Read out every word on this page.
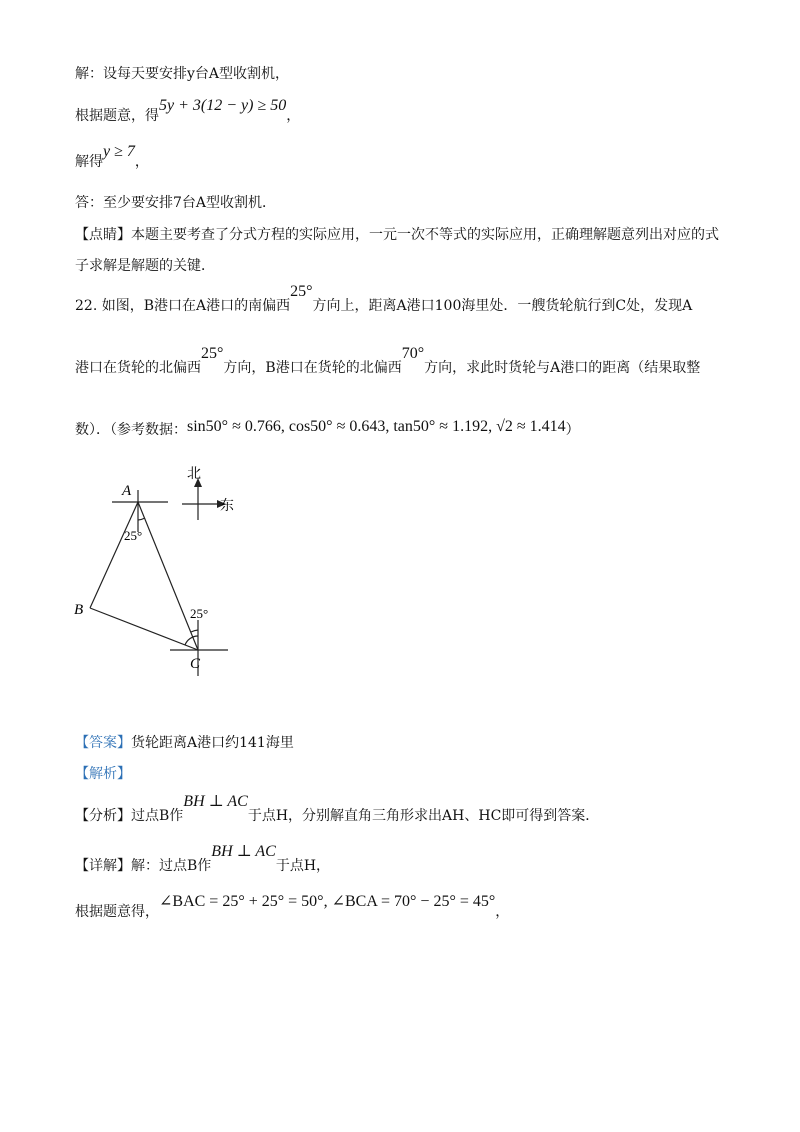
解：设每天要安排y台A型收割机，
根据题意，得5y + 3(12 − y) ≥ 50，
解得y ≥ 7，
答：至少要安排7台A型收割机．
【点睛】本题主要考查了分式方程的实际应用，一元一次不等式的实际应用，正确理解题意列出对应的式
子求解是解题的关键．
22. 如图，B港口在A港口的南偏西25°方向上，距离A港口100海里处．一艘货轮航行到C处，发现A
港口在货轮的北偏西25°方向，B港口在货轮的北偏西70°方向，求此时货轮与A港口的距离（结果取整
数）．（参考数据：sin50° ≈ 0.766, cos50° ≈ 0.643, tan50° ≈ 1.192, √2 ≈ 1.414）
A
B
C
25°
25°
北
东
【答案】货轮距离A港口约141海里
【解析】
【分析】过点B作BH ⊥ AC于点H，分别解直角三角形求出AH、HC即可得到答案．
【详解】解：过点B作BH ⊥ AC于点H，
根据题意得，∠BAC = 25° + 25° = 50°, ∠BCA = 70° − 25° = 45°，
